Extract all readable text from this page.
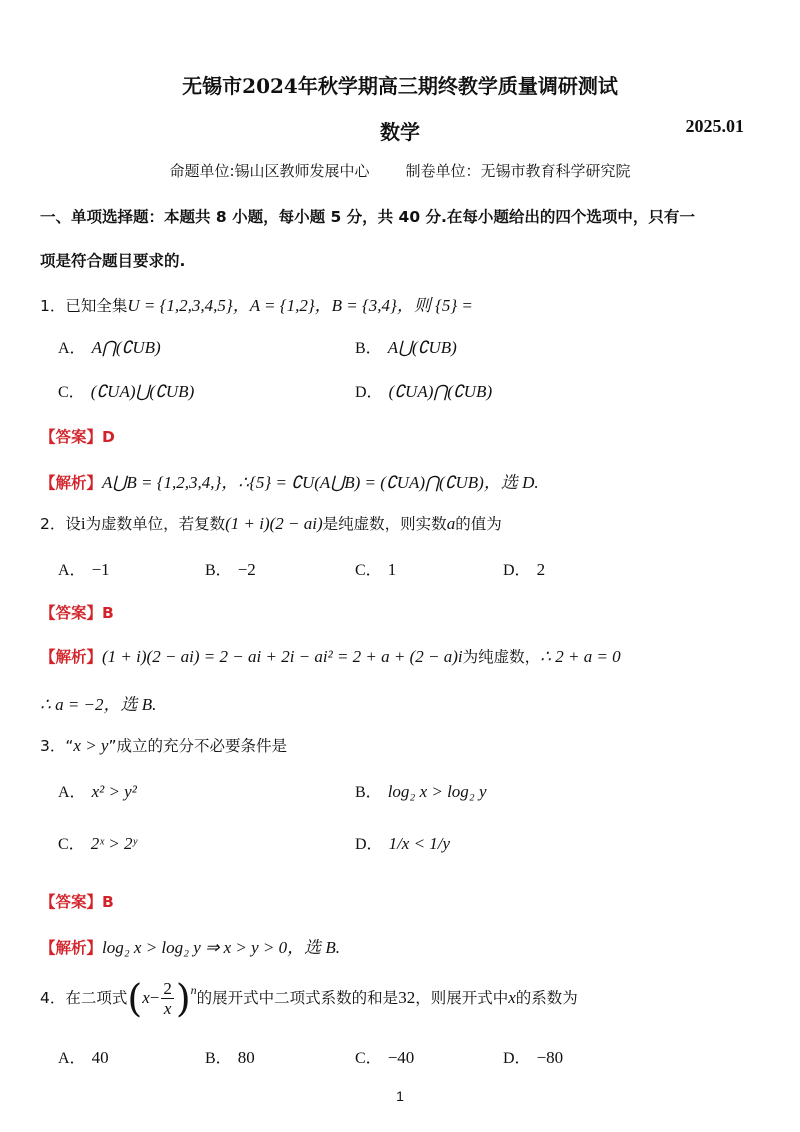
无锡市2024年秋学期高三期终教学质量调研测试
数学	2025.01
命题单位:锡山区教师发展中心 制卷单位：无锡市教育科学研究院
一、单项选择题：本题共 8 小题，每小题 5 分，共 40 分.在每小题给出的四个选项中，只有一
项是符合题目要求的.
1．已知全集U = {1,2,3,4,5}，A = {1,2}，B = {3,4}，则 {5} =
A． A⋂(∁UB)	B． A⋃(∁UB)
C． (∁UA)⋃(∁UB)	D． (∁UA)⋂(∁UB)
【答案】D
【解析】A⋃B = {1,2,3,4,}，∴{5} = ∁U(A⋃B) = (∁UA)⋂(∁UB)，选 D.
2．设i为虚数单位，若复数(1 + i)(2 − ai)是纯虚数，则实数a的值为
A． −1	B． −2	C． 1	D． 2
【答案】B
【解析】(1 + i)(2 − ai) = 2 − ai + 2i − ai² = 2 + a + (2 − a)i为纯虚数，∴ 2 + a = 0
∴ a = −2，选 B.
3．“x > y”成立的充分不必要条件是
A． x² > y²	B． log₂ x > log₂ y
C． 2ˣ > 2ʸ	D． 1/x < 1/y
【答案】B
【解析】log₂ x > log₂ y ⇒ x > y > 0，选 B.
4．在二项式$(x- \frac{2}{x} )^n$的展开式中二项式系数的和是32，则展开式中x的系数为
A． 40	B． 80	C． −40	D． −80
1
